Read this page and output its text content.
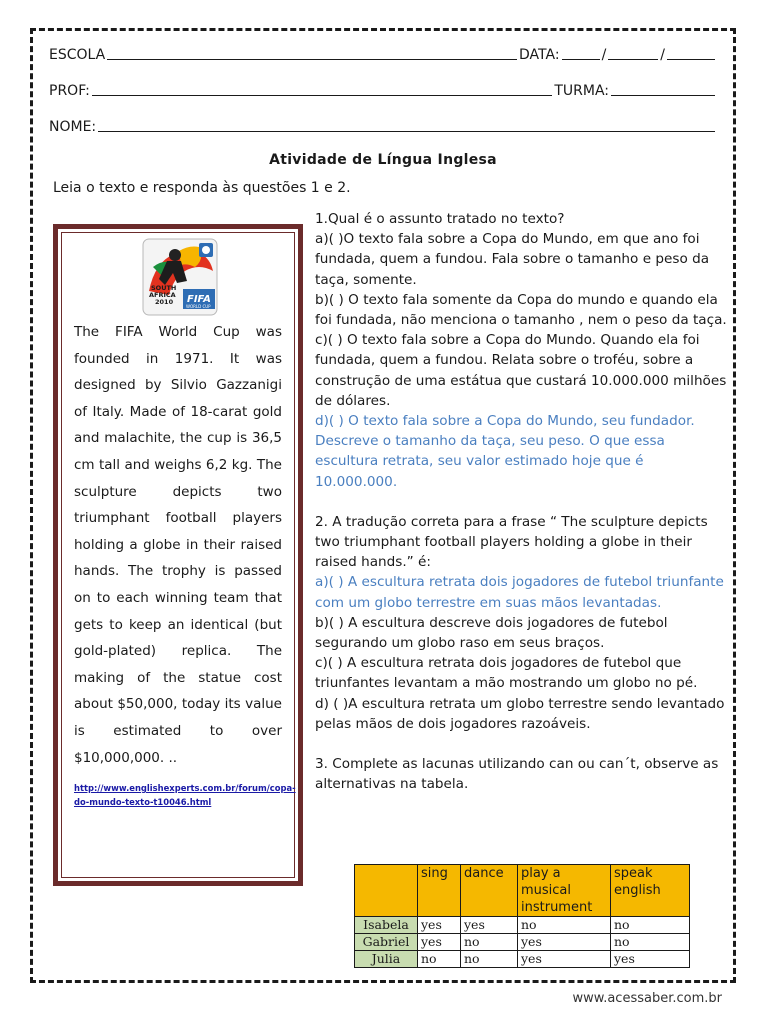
ESCOLA	DATA:	/	/
PROF:	TURMA:
NOME:
Atividade de Língua Inglesa
Leia o texto e responda às questões 1 e 2.
SOUTH
AFRICA
2010 FIFA
WORLD CUP

The FIFA World Cup was founded in 1971. It was designed by Silvio Gazzanigi of Italy. Made of 18-carat gold and malachite, the cup is 36,5 cm tall and weighs 6,2 kg. The sculpture depicts two triumphant football players holding a globe in their raised hands. The trophy is passed on to each winning team that gets to keep an identical (but gold-plated) replica. The making of the statue cost about $50,000, today its value is estimated to over $10,000,000. ..

http://www.englishexperts.com.br/forum/copa-do-mundo-texto-t10046.html

1.Qual é o assunto tratado no texto?

a)( )O texto fala sobre a Copa do Mundo, em que ano foi fundada, quem a fundou. Fala sobre o tamanho e peso da taça, somente.

b)( ) O texto fala somente da Copa do mundo e quando ela foi fundada, não menciona o tamanho , nem o peso da taça.

c)( ) O texto fala sobre a Copa do Mundo. Quando ela foi fundada, quem a fundou. Relata sobre o troféu, sobre a construção de uma estátua que custará 10.000.000 milhões de dólares.

d)( ) O texto fala sobre a Copa do Mundo, seu fundador. Descreve o tamanho da taça, seu peso. O que essa escultura retrata, seu valor estimado hoje que é 10.000.000.

2. A tradução correta para a frase “ The sculpture depicts two triumphant football players holding a globe in their raised hands.” é:

a)( ) A escultura retrata dois jogadores de futebol triunfante com um globo terrestre em suas mãos levantadas.

b)( ) A escultura descreve dois jogadores de futebol segurando um globo raso em seus braços.

c)( ) A escultura retrata dois jogadores de futebol que triunfantes levantam a mão mostrando um globo no pé.

d) ( )A escultura retrata um globo terrestre sendo levantado pelas mãos de dois jogadores razoáveis.

3. Complete as lacunas utilizando can ou can´t, observe as alternativas na tabela.

	sing	dance	play a musical instrument	speak english
Isabela	yes	yes	no	no
Gabriel	yes	no	yes	no
Julia	no	no	yes	yes
www.acessaber.com.br
